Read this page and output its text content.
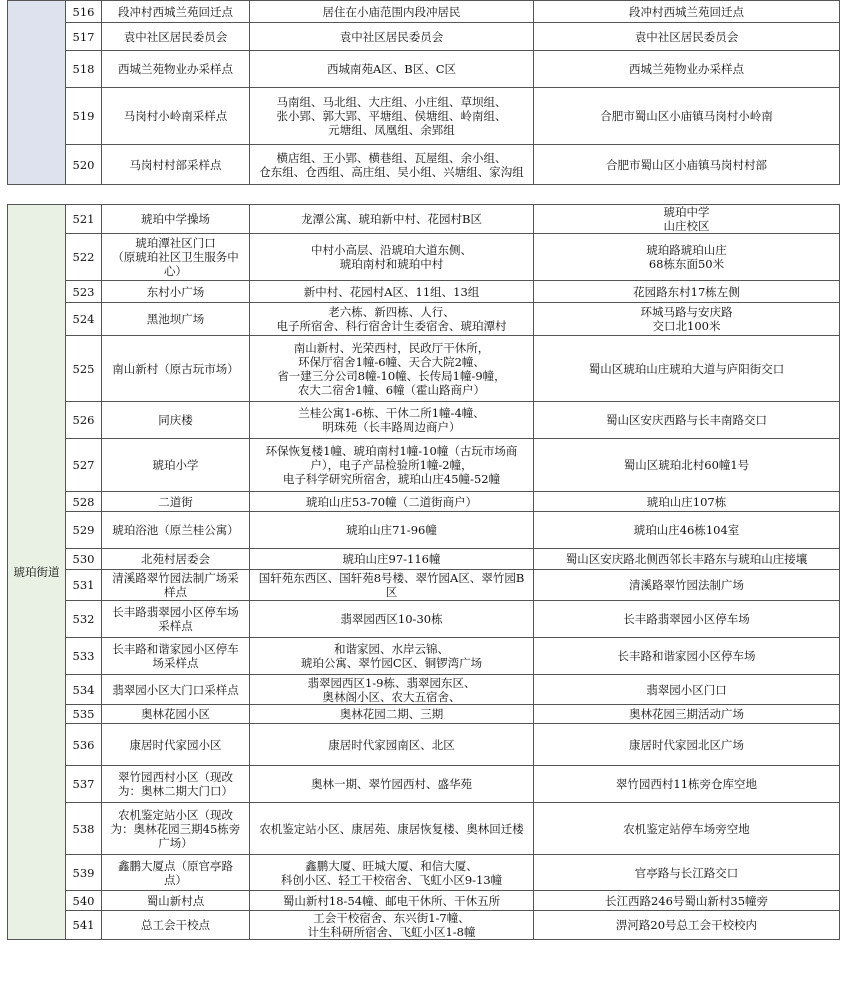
	516	段冲村西城兰苑回迁点	居住在小庙范围内段冲居民	段冲村西城兰苑回迁点

	517	袁中社区居民委员会	袁中社区居民委员会	袁中社区居民委员会

	518	西城兰苑物业办采样点	西城南苑A区、B区、C区	西城兰苑物业办采样点

	519	马岗村小岭南采样点	马南组、马北组、大庄组、小庄组、草坝组、
张小郢、郭大郢、平塘组、侯塘组、岭南组、
元塘组、凤凰组、余郢组	合肥市蜀山区小庙镇马岗村小岭南

	520	马岗村村部采样点	横店组、王小郢、横巷组、瓦屋组、余小组、
仓东组、仓西组、高庄组、吴小组、兴塘组、家沟组	合肥市蜀山区小庙镇马岗村村部
琥珀街道	521	琥珀中学操场	龙潭公寓、琥珀新中村、花园村B区	琥珀中学
山庄校区

	522	琥珀潭社区门口
（原琥珀社区卫生服务中
心）	中村小高层、沿琥珀大道东侧、
琥珀南村和琥珀中村	琥珀路琥珀山庄
68栋东面50米

	523	东村小广场	新中村、花园村A区、11组、13组	花园路东村17栋左侧

	524	黑池坝广场	老六栋、新四栋、人行、
电子所宿舍、科行宿舍计生委宿舍、琥珀潭村	环城马路与安庆路
交口北100米

	525	南山新村（原古玩市场）	南山新村、光荣西村，民政厅干休所，
环保厅宿舍1幢-6幢、天合大院2幢、
省一建三分公司8幢-10幢、长传局1幢-9幢，
农大二宿舍1幢、6幢（霍山路商户）	蜀山区琥珀山庄琥珀大道与庐阳街交口

	526	同庆楼	兰桂公寓1-6栋、干休二所1幢-4幢、
明珠苑（长丰路周边商户）	蜀山区安庆西路与长丰南路交口

	527	琥珀小学	环保恢复楼1幢、琥珀南村1幢-10幢（古玩市场商
户），电子产品检验所1幢-2幢，
电子科学研究所宿舍，琥珀山庄45幢-52幢	蜀山区琥珀北村60幢1号

	528	二道街	琥珀山庄53-70幢（二道街商户）	琥珀山庄107栋

	529	琥珀浴池（原兰桂公寓）	琥珀山庄71-96幢	琥珀山庄46栋104室

	530	北苑村居委会	琥珀山庄97-116幢	蜀山区安庆路北侧西邻长丰路东与琥珀山庄接壤

	531	清溪路翠竹园法制广场采
样点	国轩苑东西区、国轩苑8号楼、翠竹园A区、翠竹园B
区	清溪路翠竹园法制广场

	532	长丰路翡翠园小区停车场
采样点	翡翠园西区10-30栋	长丰路翡翠园小区停车场

	533	长丰路和谐家园小区停车
场采样点	和谐家园、水岸云锦、
琥珀公寓、翠竹园C区、铜锣湾广场	长丰路和谐家园小区停车场

	534	翡翠园小区大门口采样点	翡翠园西区1-9栋、翡翠园东区、
奥林阁小区、农大五宿舍、	翡翠园小区门口

	535	奥林花园小区	奥林花园二期、三期	奥林花园三期活动广场

	536	康居时代家园小区	康居时代家园南区、北区	康居时代家园北区广场

	537	翠竹园西村小区（现改
为：奥林二期大门口）	奥林一期、翠竹园西村、盛华苑	翠竹园西村11栋旁仓库空地

	538	农机鉴定站小区（现改
为：奥林花园三期45栋旁
广场）	农机鉴定站小区、康居苑、康居恢复楼、奥林回迁楼	农机鉴定站停车场旁空地

	539	鑫鹏大厦点（原官亭路
点）	鑫鹏大厦、旺城大厦、和信大厦、
科创小区、轻工干校宿舍、飞虹小区9-13幢	官亭路与长江路交口

	540	蜀山新村点	蜀山新村18-54幢、邮电干休所、干休五所	长江西路246号蜀山新村35幢旁

	541	总工会干校点	工会干校宿舍、东兴街1-7幢、
计生科研所宿舍、飞虹小区1-8幢	淠河路20号总工会干校校内
